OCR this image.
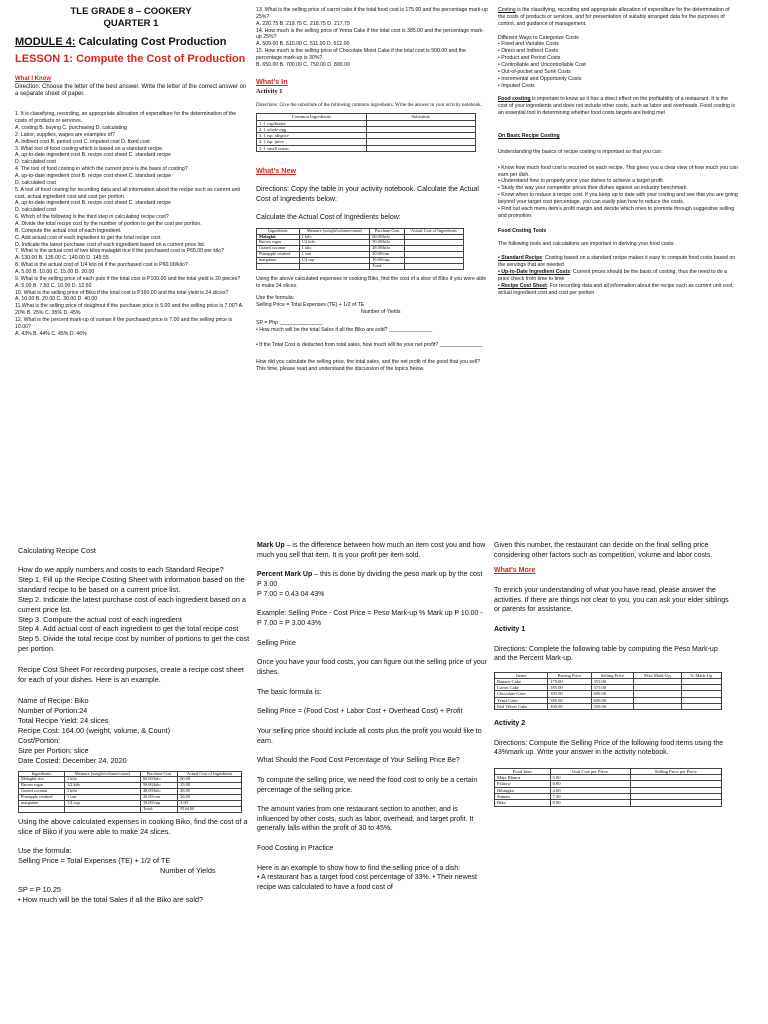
TLE GRADE 8 – COOKERY
QUARTER 1
MODULE 4: Calculating Cost Production
LESSON 1: Compute the Cost of Production

What I Know

Direction: Choose the letter of the best answer. Write the letter of the correct answer on a separate sheet of paper.

1. It is classifying, recording, an appropriate allocation of expenditure for the determination of the costs of products or services.

A. costing B. buying C. purchasing D. calculating

2. Labor, supplies, wages are examples of?

A. indirect cost B. period cost C. imputed cost D. fixed cost

3. What tool of food costing which is based on a standard recipe.

A. up-to-date ingredient cost B. recipe cost sheet C. standard recipe

D. calculated cost

4. The tool of food costing in which the current price is the basis of costing?

A. up-to-date ingredient cost B. recipe cost sheet C. standard recipe

D. calculated cost

5. A tool of food costing for recording data and all information about the recipe such as current unit cost, actual ingredient cost and cost per portion.

A. up-to-date ingredient cost B. recipe cost sheet C. standard recipe

D. calculated cost

6. Which of the following is the third step in calculating recipe cost?

A. Divide the total recipe cost by the number of portion to get the cost per portion.

B. Compute the actual cost of each ingredient.

C. Add actual cost of each ingredient to get the total recipe cost.

D. Indicate the latest purchase cost of each ingredient based on a current price list.

7. What is the actual cost of two kilos malagkit rice if the purchased cost is P65.00 per kilo?

A. 130.00 B. 135.00 C. 140.00 D. 145.55

8. What is the actual cost of 1/4 kilo oil if the purchased cost is P60.00/kilo?

A. 5.00 B. 10.00 C. 15.00 D. 20.00

9. What is the selling price of each puto if the total cost is P100.00 and the total yield is 20 pieces?

A. 5.00 B. 7.50 C. 10.00 D. 12.50

10. What is the selling price of Biko if the total cost is P160.00 and the total yield is 24 slices?

A. 10.00 B. 20.00 C. 30.00 D. 40.00

11.What is the selling price of doughnut if the purchase price is 5.00 and the selling price is 7.00? A. 20% B. 25% C. 35% D. 45%

12. What is the percent mark-up of suman if the purchased price is 7.00 and the selling price is 10.00?

A. 43% B. 44% C. 45% D. 46%

13. What is the selling price of carrot cake if the total food cost is 175.00 and the percentage mark-up 25%?

A. 220.75 B. 219.75 C. 218.75 D. 217.75

14. How much is the selling price of Yema Cake if the total cost is 385.00 and the percentage mark-up 25%?

A. 509.00 B. 510.00 C. 511.00 D. 512.00

15. How much is the selling price of Chocolate Moist Cake if the total cost is 500.00 and the percentage mark-up is 30%?

B. 650.00 B. 700.00 C. 750.00 D. 800.00

What's In

Activity 1

Directions: Give the substitute of the following common ingredients. Write the answer in your activity notebook.

Common Ingredients	Substitute
1. 1 cup/butter	
2. 1 whole egg	
3. 1 tsp. allspice	
4. 1 tsp. juice	
5. 1 small onion	

What's New

Directions: Copy the table in your activity notebook. Calculate the Actual Cost of Ingredients below:

Calculate the Actual Cost of Ingredients below:

Ingredients	Measure (weight/volume/count)	Purchase Cost	Actual Cost of Ingredients
Malagkit	1 kilo	60.00/kilo	
Brown sugar	1/2 kilo	50.00/kilo	
Grated coconut	1 kilo	48.00/kilo	
Pineapple crushed	1 can	20.00/can	
margarine	1/4 cup	16.00/cup	
		Total:	

Using the above calculated expenses in cooking Biko, find the cost of a slice of Biko if you were able to make 24 slices.

Use the formula:

Selling Price = Total Expenses (TE) + 1/2 of TE

Number of Yields

SP = Php _______________

• How much will be the total Sales if all the Biko are sold? _______________

• If the Total Cost is deducted from total sales, how much will be your net profit? _______________

How did you calculate the selling price, the total sales, and the net profit of the good that you sell? This time, please read and understand the discussion of the topics below.

Costing is the classifying, recording and appropriate allocation of expenditure for the determination of the costs of products or services, and for presentation of suitably arranged data for the purposes of control, and guidance of management.

Different Ways to Categorize Costs

• Fixed and Variable Costs

• Direct and Indirect Costs

• Product and Period Costs

• Controllable and Uncontrollable Cost

• Out-of-pocket and Sunk Costs

• Incremental and Opportunity Costs

• Imputed Costs

Food costing is important to know as it has a direct effect on the profitability of a restaurant. It is the cost of your ingredients and does not include other costs, such as labor and overheads. Food costing is an essential tool in determining whether food costs targets are being met

On Basic Recipe Costing

Understanding the basics of recipe costing is important so that you can:

• Know how much food cost is incurred on each recipe. This gives you a clear view of how much you can earn per dish.

• Understand how to properly price your dishes to achieve a target profit.

• Study the way your competitor prices their dishes against an industry benchmark.

• Know when to reduce a recipe cost. If you keep up to date with your costing and see that you are going beyond your target cost percentage, you can easily plan how to reduce the costs.

• Find out each menu item's profit margin and decide which ones to promote through suggestive selling and promotion.

Food Costing Tools

The following tools and calculations are important in deriving your food costs:

• Standard Recipe: Costing based on a standard recipe makes it easy to compute food costs based on the servings that are needed

• Up-to-Date Ingredient Costs: Current prices should be the basis of costing, thus the need to do a price check from time to time

• Recipe Cost Sheet: For recording data and all information about the recipe such as current unit cost, actual ingredient cost and cost per portion

Calculating Recipe Cost

How do we apply numbers and costs to each Standard Recipe?

Step 1. Fill up the Recipe Costing Sheet with information based on the standard recipe to be based on a current price list.

Step 2. Indicate the latest purchase cost of each ingredient based on a current price list.

Step 3. Compute the actual cost of each ingredient

Step 4. Add actual cost of each ingredient to get the total recipe cost

Step 5. Divide the total recipe cost by number of portions to get the cost per portion.

Recipe Cost Sheet For recording purposes, create a recipe cost sheet for each of your dishes. Here is an example.

Name of Recipe: Biko

Number of Portion:24

Total Recipe Yield: 24 slices

Recipe Cost: 164.00 (weight, volume, & Count)

Cost/Portion:

Size per Portion: slice

Date Costed: December 24. 2020

Ingredients	Measure (weight/volume/count)	Purchase Cost	Actual Cost of Ingredients
Malagkit rice	1 kilo	60.00/kilo	60.00
Brown sugar	1/2 kilo	50.00/kilo	25.00
Grated coconut	1 kilo	48.00/kilo	48.00
Pineapple crushed	1 can	26.00/can	26.00
margarine	1/4 cup	16.00/cup	4.00
		Total:	P164.00

Using the above calculated expenses in cooking Biko, find the cost of a slice of Biko if you were able to make 24 slices.

Use the formula:

Selling Price = Total Expenses (TE) + 1/2 of TE

Number of Yields

SP = P 10.25

• How much will be the total Sales if all the Biko are sold?

Mark Up – is the difference between how much an item cost you and how much you sell that item. It is your profit per item sold.

Percent Mark Up – this is done by dividing the peso mark up by the cost

P 3.00

P 7.00 = 0.43 04 43%

Example: Selling Price - Cost Price = Peso Mark-up % Mark up P 10.00 - P 7.00 = P 3.00 43%

Selling Price

Once you have your food costs, you can figure out the selling price of your dishes.

The basic formula is:

Selling Price = (Food Cost + Labor Cost + Overhead Cost) + Profit

Your selling price should include all costs plus the profit you would like to earn.

What Should the Food Cost Percentage of Your Selling Price Be?

To compute the selling price, we need the food cost to only be a certain percentage of the selling price.

The amount varies from one restaurant section to another, and is influenced by other costs, such as labor, overhead, and target profit. It generally falls within the profit of 30 to 45%.

Food Costing in Practice

Here is an example to show how to find the selling price of a dish:

• A restaurant has a target food cost percentage of 33%. • Their newest recipe was calculated to have a food cost of

Given this number, the restaurant can decide on the final selling price considering other factors such as competition, volume and labor costs.

What's More

To enrich your understanding of what you have read, please answer the activities. If there are things not clear to you, you can ask your elder siblings or parents for assistance.

Activity 1

Directions: Complete the following table by computing the Peso Mark-up and the Percent Mark-up.

Items	Buying Price	Selling Price	Peso Mark-Up	% Mark-Up
Banana Cake	175.00	353.00		
Carrot Cake	185.00	375.00		
Chocolate Cake	395.00	650.00		
Yema Cake	385.00	650.00		
Red Velvet Cake	400.00	550.00		

Activity 2

Directions: Compute the Selling Price of the following food items using the 43%mark up. Write your answer in the activity notebook.

Food Item	Unit Cost per Piece	Selling Price per Piece
Maja Blanca	5.00	
Palitaw	6.00	
Bibingka	4.00	
Suman	7.50	
Biko	8.00	
